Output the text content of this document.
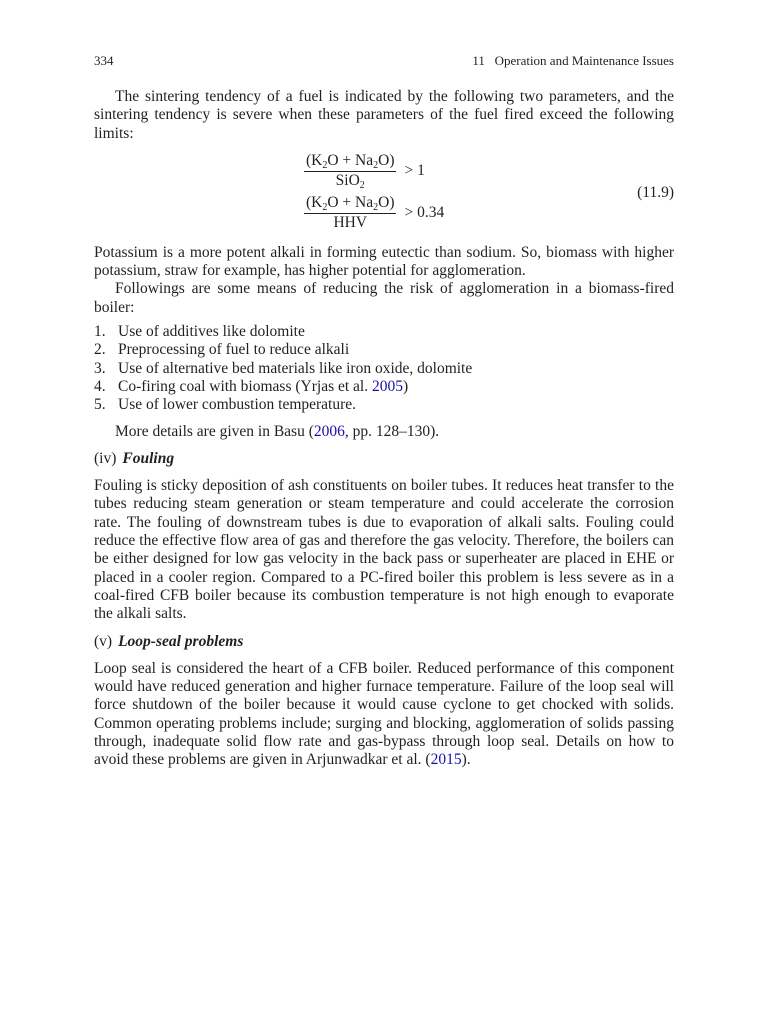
334	11   Operation and Maintenance Issues

The sintering tendency of a fuel is indicated by the following two parameters, and the sintering tendency is severe when these parameters of the fuel fired exceed the following limits:

$\frac{(K_2O + Na_2O)}{SiO_2} > 1$
$\frac{(K_2O + Na_2O)}{\text{HHV}} > 0.34$
(11.9)

Potassium is a more potent alkali in forming eutectic than sodium. So, biomass with higher potassium, straw for example, has higher potential for agglomeration.

Followings are some means of reducing the risk of agglomeration in a biomass-fired boiler:

1. Use of additives like dolomite
2. Preprocessing of fuel to reduce alkali
3. Use of alternative bed materials like iron oxide, dolomite
4. Co-firing coal with biomass (Yrjas et al. 2005)
5. Use of lower combustion temperature.

More details are given in Basu (2006, pp. 128–130).

(iv) Fouling

Fouling is sticky deposition of ash constituents on boiler tubes. It reduces heat transfer to the tubes reducing steam generation or steam temperature and could accelerate the corrosion rate. The fouling of downstream tubes is due to evaporation of alkali salts. Fouling could reduce the effective flow area of gas and therefore the gas velocity. Therefore, the boilers can be either designed for low gas velocity in the back pass or superheater are placed in EHE or placed in a cooler region. Compared to a PC-fired boiler this problem is less severe as in a coal-fired CFB boiler because its combustion temperature is not high enough to evaporate the alkali salts.

(v) Loop-seal problems

Loop seal is considered the heart of a CFB boiler. Reduced performance of this component would have reduced generation and higher furnace temperature. Failure of the loop seal will force shutdown of the boiler because it would cause cyclone to get chocked with solids. Common operating problems include; surging and blocking, agglomeration of solids passing through, inadequate solid flow rate and gas-bypass through loop seal. Details on how to avoid these problems are given in Arjunwadkar et al. (2015).
